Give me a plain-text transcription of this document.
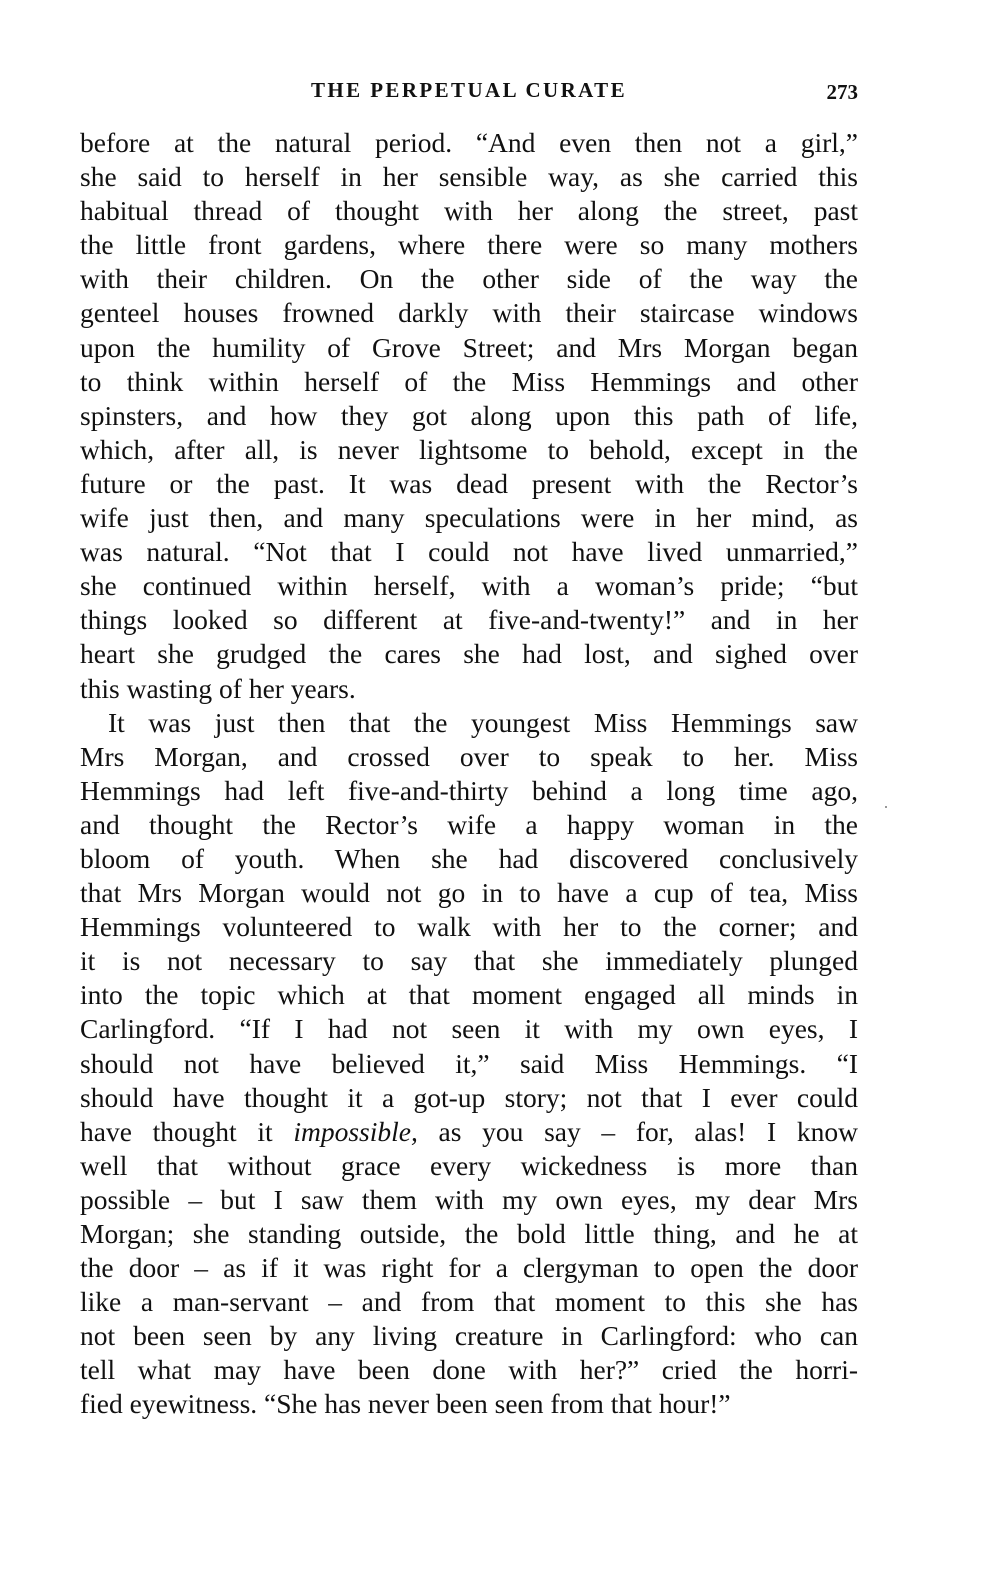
THE PERPETUAL CURATE	273
before at the natural period. “And even then not a girl,”
she said to herself in her sensible way, as she carried this
habitual thread of thought with her along the street, past
the little front gardens, where there were so many mothers
with their children. On the other side of the way the
genteel houses frowned darkly with their staircase windows
upon the humility of Grove Street; and Mrs Morgan began
to think within herself of the Miss Hemmings and other
spinsters, and how they got along upon this path of life,
which, after all, is never lightsome to behold, except in the
future or the past. It was dead present with the Rector’s
wife just then, and many speculations were in her mind, as
was natural. “Not that I could not have lived unmarried,”
she continued within herself, with a woman’s pride; “but
things looked so different at five-and-twenty!” and in her
heart she grudged the cares she had lost, and sighed over
this wasting of her years.
It was just then that the youngest Miss Hemmings saw
Mrs Morgan, and crossed over to speak to her. Miss
Hemmings had left five-and-thirty behind a long time ago,
and thought the Rector’s wife a happy woman in the
bloom of youth. When she had discovered conclusively
that Mrs Morgan would not go in to have a cup of tea, Miss
Hemmings volunteered to walk with her to the corner; and
it is not necessary to say that she immediately plunged
into the topic which at that moment engaged all minds in
Carlingford. “If I had not seen it with my own eyes, I
should not have believed it,” said Miss Hemmings. “I
should have thought it a got-up story; not that I ever could
have thought it impossible, as you say – for, alas! I know
well that without grace every wickedness is more than
possible – but I saw them with my own eyes, my dear Mrs
Morgan; she standing outside, the bold little thing, and he at
the door – as if it was right for a clergyman to open the door
like a man-servant – and from that moment to this she has
not been seen by any living creature in Carlingford: who can
tell what may have been done with her?” cried the horri-
fied eyewitness. “She has never been seen from that hour!”
